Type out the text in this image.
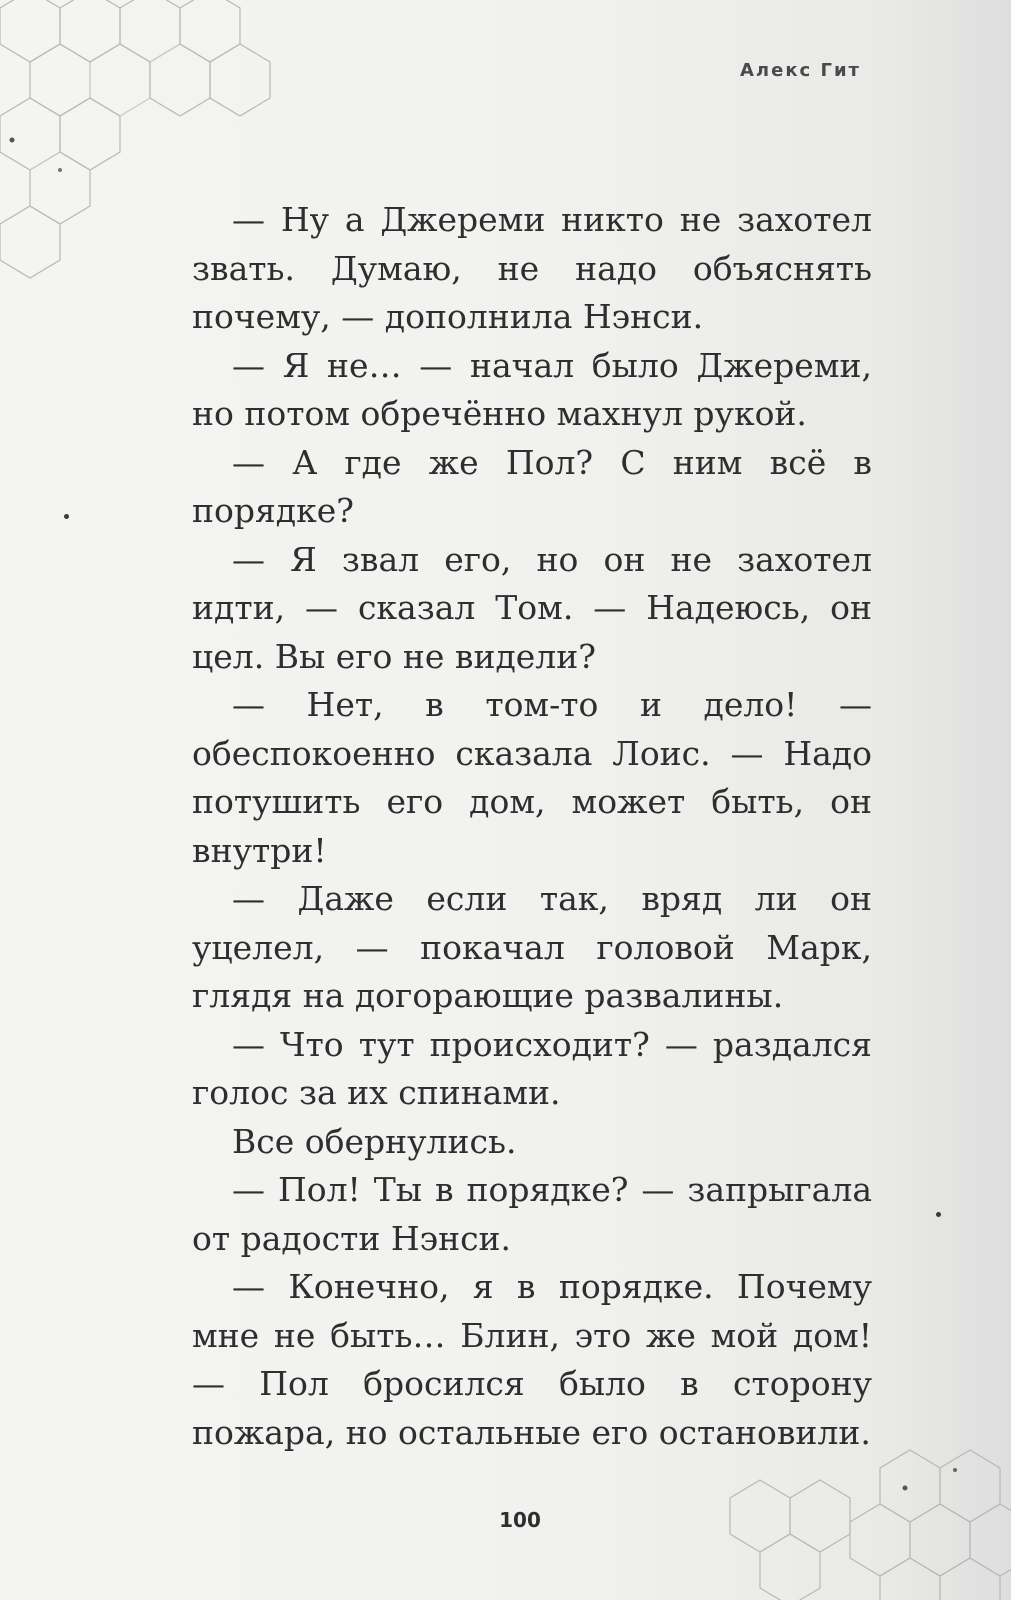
Алекс Гит

— Ну а Джереми никто не захотел звать. Думаю, не надо объяснять почему, — дополнила Нэнси.

— Я не… — начал было Джереми, но потом обречённо махнул рукой.

— А где же Пол? С ним всё в порядке?

— Я звал его, но он не захотел идти, — сказал Том. — Надеюсь, он цел. Вы его не видели?

— Нет, в том-то и дело! — обеспокоенно сказала Лоис. — Надо потушить его дом, может быть, он внутри!

— Даже если так, вряд ли он уцелел, — покачал головой Марк, глядя на догорающие развалины.

— Что тут происходит? — раздался голос за их спинами.

Все обернулись.

— Пол! Ты в порядке? — запрыгала от радости Нэнси.

— Конечно, я в порядке. Почему мне не быть… Блин, это же мой дом! — Пол бросился было в сторону пожара, но остальные его остановили.

100
